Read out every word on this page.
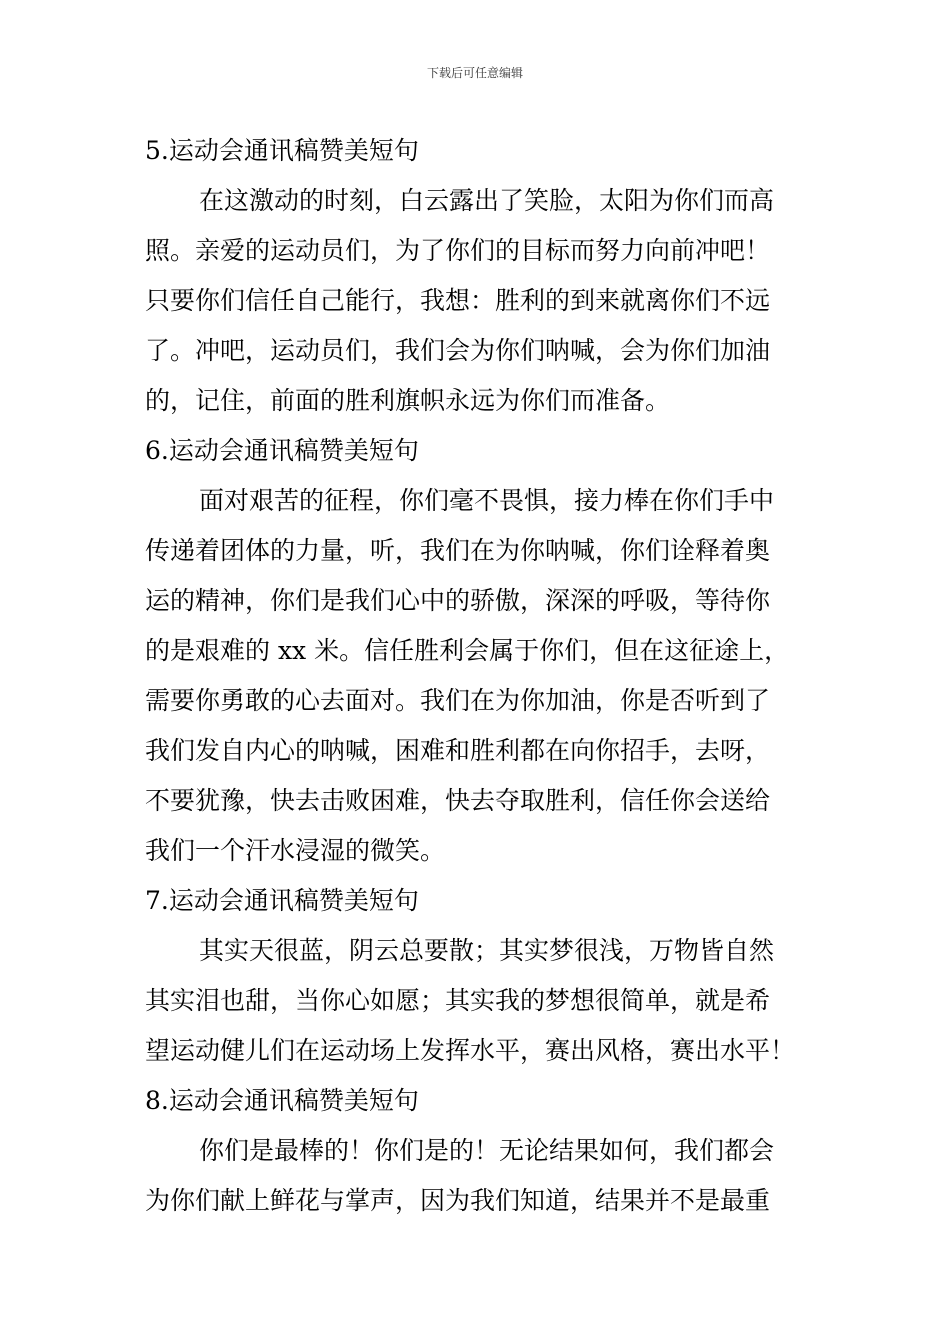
下载后可任意编辑
5.运动会通讯稿赞美短句
在这激动的时刻，白云露出了笑脸，太阳为你们而高
照。亲爱的运动员们，为了你们的目标而努力向前冲吧！
只要你们信任自己能行，我想：胜利的到来就离你们不远
了。冲吧，运动员们，我们会为你们呐喊，会为你们加油
的，记住，前面的胜利旗帜永远为你们而准备。
6.运动会通讯稿赞美短句
面对艰苦的征程，你们毫不畏惧，接力棒在你们手中
传递着团体的力量，听，我们在为你呐喊，你们诠释着奥
运的精神，你们是我们心中的骄傲，深深的呼吸，等待你
的是艰难的 xx 米。信任胜利会属于你们，但在这征途上，
需要你勇敢的心去面对。我们在为你加油，你是否听到了
我们发自内心的呐喊，困难和胜利都在向你招手，去呀，
不要犹豫，快去击败困难，快去夺取胜利，信任你会送给
我们一个汗水浸湿的微笑。
7.运动会通讯稿赞美短句
其实天很蓝，阴云总要散；其实梦很浅，万物皆自然
其实泪也甜，当你心如愿；其实我的梦想很简单，就是希
望运动健儿们在运动场上发挥水平，赛出风格，赛出水平！
8.运动会通讯稿赞美短句
你们是最棒的！你们是的！无论结果如何，我们都会
为你们献上鲜花与掌声，因为我们知道，结果并不是最重
